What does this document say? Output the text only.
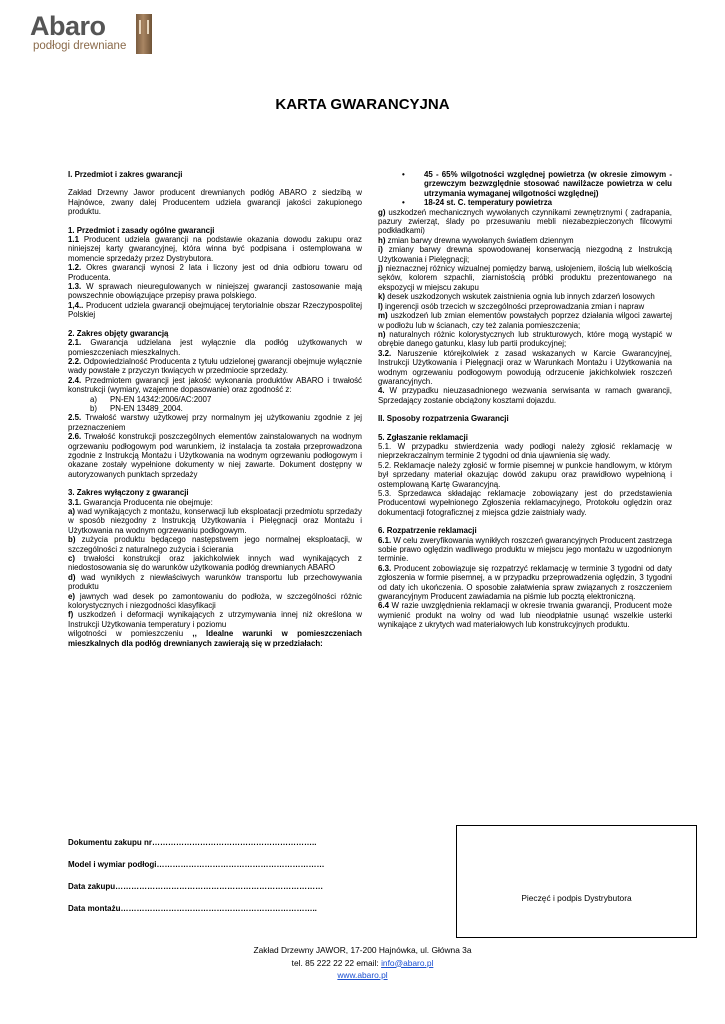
Abaro
podłogi drewniane
KARTA GWARANCYJNA

I. Przedmiot i zakres gwarancji

Zakład Drzewny Jawor producent drewnianych podłóg ABARO z siedzibą w Hajnówce, zwany dalej Producentem udziela gwarancji jakości zakupionego produktu.

1. Przedmiot i zasady ogólne gwarancji

1.1 Producent udziela gwarancji na podstawie okazania dowodu zakupu oraz niniejszej karty gwarancyjnej, która winna być podpisana i ostemplowana w momencie sprzedaży przez Dystrybutora.

1.2. Okres gwarancji wynosi 2 lata i liczony jest od dnia odbioru towaru od Producenta.

1.3. W sprawach nieuregulowanych w niniejszej gwarancji zastosowanie mają powszechnie obowiązujące przepisy prawa polskiego.

1,4.. Producent udziela gwarancji obejmującej terytorialnie obszar Rzeczypospolitej Polskiej

2. Zakres objęty gwarancją

2.1. Gwarancja udzielana jest wyłącznie dla podłóg użytkowanych w pomieszczeniach mieszkalnych.

2.2. Odpowiedzialność Producenta z tytułu udzielonej gwarancji obejmuje wyłącznie wady powstałe z przyczyn tkwiących w przedmiocie sprzedaży.

2.4. Przedmiotem gwarancji jest jakość wykonania produktów ABARO i trwałość konstrukcji (wymiary, wzajemne dopasowanie) oraz zgodność z:

a) PN-EN 14342:2006/AC:2007
b) PN-EN 13489_2004.

2.5. Trwałość warstwy użytkowej przy normalnym jej użytkowaniu zgodnie z jej przeznaczeniem

2.6. Trwałość konstrukcji poszczególnych elementów zainstalowanych na wodnym ogrzewaniu podłogowym pod warunkiem, iż instalacja ta została przeprowadzona zgodnie z Instrukcją Montażu i Użytkowania na wodnym ogrzewaniu podłogowym i okazane zostały wypełnione dokumenty w niej zawarte. Dokument dostępny w autoryzowanych punktach sprzedaży

3. Zakres wyłączony z gwarancji

3.1. Gwarancja Producenta nie obejmuje:

a) wad wynikających z montażu, konserwacji lub eksploatacji przedmiotu sprzedaży w sposób niezgodny z Instrukcją Użytkowania i Pielęgnacji oraz Montażu i Użytkowania na wodnym ogrzewaniu podłogowym.

b) zużycia produktu będącego następstwem jego normalnej eksploatacji, w szczególności z naturalnego zużycia i ścierania

c) trwałości konstrukcji oraz jakichkolwiek innych wad wynikających z niedostosowania się do warunków użytkowania podłóg drewnianych ABARO

d) wad wynikłych z niewłaściwych warunków transportu lub przechowywania produktu

e) jawnych wad desek po zamontowaniu do podłoża, w szczególności różnic kolorystycznych i niezgodności klasyfikacji

f) uszkodzeń i deformacji wynikających z utrzymywania innej niż określona w Instrukcji Użytkowania temperatury i poziomu

wilgotności w pomieszczeniu ,, Idealne warunki w pomieszczeniach mieszkalnych dla podłóg drewnianych zawierają się w przedziałach:

• 45 - 65% wilgotności względnej powietrza (w okresie zimowym - grzewczym bezwzględnie stosować nawilżacze powietrza w celu utrzymania wymaganej wilgotności względnej)
• 18-24 st. C. temperatury powietrza

g) uszkodzeń mechanicznych wywołanych czynnikami zewnętrznymi ( zadrapania, pazury zwierząt, ślady po przesuwaniu mebli niezabezpieczonych filcowymi podkładkami)

h) zmian barwy drewna wywołanych światłem dziennym

i) zmiany barwy drewna spowodowanej konserwacją niezgodną z Instrukcją Użytkowania i Pielęgnacji;

j) nieznacznej różnicy wizualnej pomiędzy barwą, usłojeniem, ilością lub wielkością sęków, kolorem szpachli, ziarnistością próbki produktu prezentowanego na ekspozycji w miejscu zakupu

k) desek uszkodzonych wskutek zaistnienia ognia lub innych zdarzeń losowych

l) ingerencji osób trzecich w szczególności przeprowadzania zmian i napraw

m) uszkodzeń lub zmian elementów powstałych poprzez działania wilgoci zawartej w podłożu lub w ścianach, czy też zalania pomieszczenia;

n) naturalnych różnic kolorystycznych lub strukturowych, które mogą wystąpić w obrębie danego gatunku, klasy lub partii produkcyjnej;

3.2. Naruszenie którejkolwiek z zasad wskazanych w Karcie Gwarancyjnej, Instrukcji Użytkowania i Pielęgnacji oraz w Warunkach Montażu i Użytkowania na wodnym ogrzewaniu podłogowym powodują odrzucenie jakichkolwiek roszczeń gwarancyjnych.

4. W przypadku nieuzasadnionego wezwania serwisanta w ramach gwarancji, Sprzedający zostanie obciążony kosztami dojazdu.

II. Sposoby rozpatrzenia Gwarancji

5. Zgłaszanie reklamacji

5.1. W przypadku stwierdzenia wady podłogi należy zgłosić reklamację w nieprzekraczalnym terminie 2 tygodni od dnia ujawnienia się wady.

5.2. Reklamacje należy zgłosić w formie pisemnej w punkcie handlowym, w którym był sprzedany materiał okazując dowód zakupu oraz prawidłowo wypełnioną i ostemplowaną Kartę Gwarancyjną.

5.3. Sprzedawca składając reklamacje zobowiązany jest do przedstawienia Producentowi wypełnionego Zgłoszenia reklamacyjnego, Protokołu oględzin oraz dokumentacji fotograficznej z miejsca gdzie zaistniały wady.

6. Rozpatrzenie reklamacji

6.1. W celu zweryfikowania wynikłych roszczeń gwarancyjnych Producent zastrzega sobie prawo oględzin wadliwego produktu w miejscu jego montażu w uzgodnionym terminie.

6.3. Producent zobowiązuje się rozpatrzyć reklamację w terminie 3 tygodni od daty zgłoszenia w formie pisemnej, a w przypadku przeprowadzenia oględzin, 3 tygodni od daty ich ukończenia. O sposobie załatwienia spraw związanych z roszczeniem gwarancyjnym Producent zawiadamia na piśmie lub pocztą elektroniczną.

6.4 W razie uwzględnienia reklamacji w okresie trwania gwarancji, Producent może wymienić produkt na wolny od wad lub nieodpłatnie usunąć wszelkie usterki wynikające z ukrytych wad materiałowych lub konstrukcyjnych produktu.

Dokumentu zakupu nr……………………………………………………..
Model i wymiar podłogi………………………………………………………
Data zakupu……………………………………………………………………
Data montażu………………………………………………………………..
Pieczęć i podpis Dystrybutora
Zakład Drzewny JAWOR, 17-200 Hajnówka, ul. Główna 3a
tel. 85 222 22 22 email: info@abaro.pl
www.abaro.pl
